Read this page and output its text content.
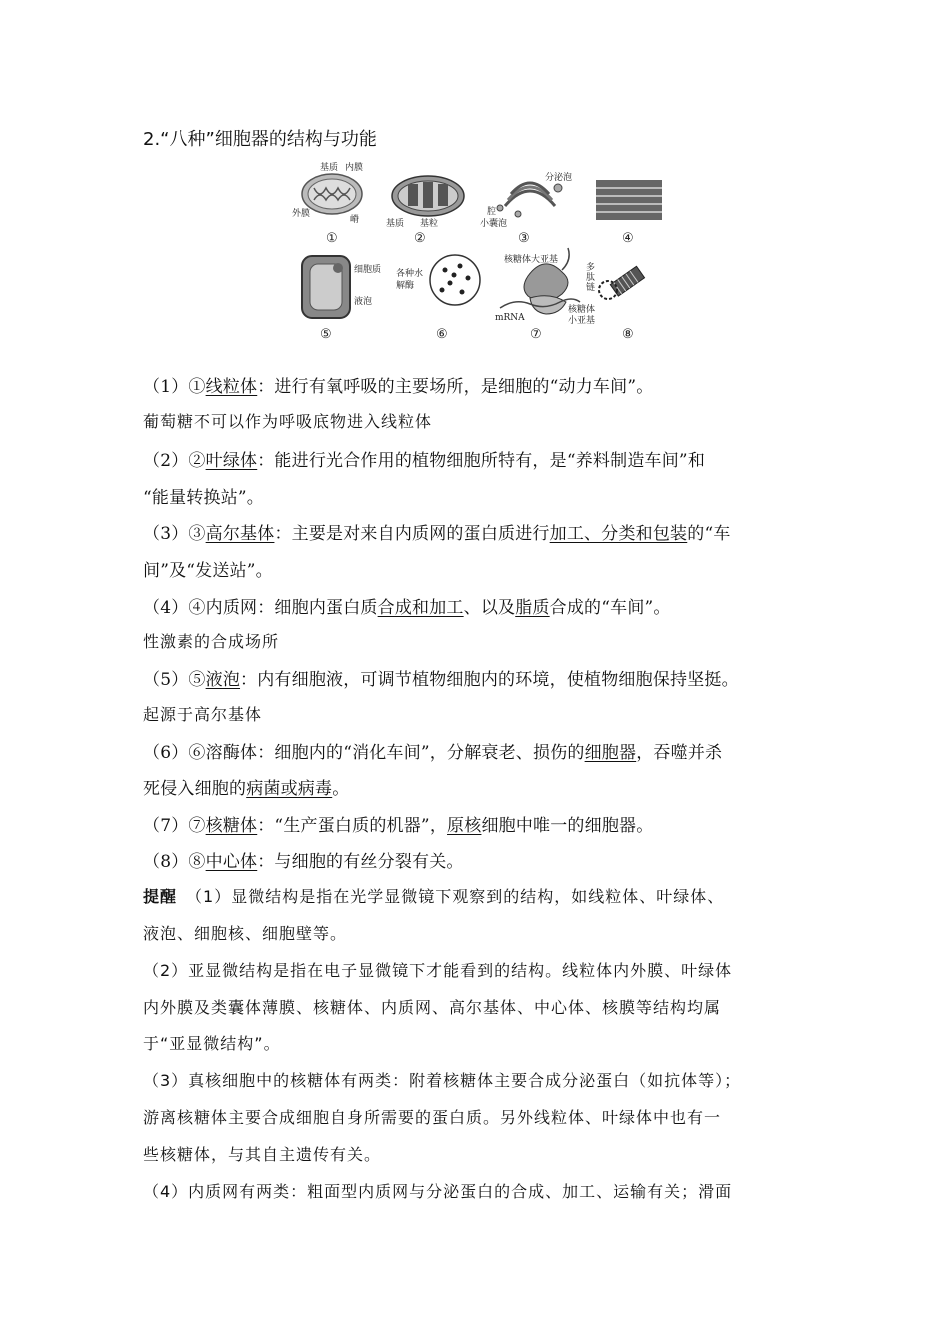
2.“八种”细胞器的结构与功能
基质 内膜
外膜
嵴
①
基质 基粒
②
分泌泡
腔
小囊泡
③	④
细胞质
液泡
⑤
各种水
解酶
⑥
核糖体大亚基
多
肽
链
mRNA
核糖体
小亚基
⑦	⑧
（1）①线粒体：进行有氧呼吸的主要场所，是细胞的“动力车间”。
葡萄糖不可以作为呼吸底物进入线粒体
（2）②叶绿体：能进行光合作用的植物细胞所特有，是“养料制造车间”和
“能量转换站”。
（3）③高尔基体：主要是对来自内质网的蛋白质进行加工、分类和包装的“车
间”及“发送站”。
（4）④内质网：细胞内蛋白质合成和加工、以及脂质合成的“车间”。
性激素的合成场所
（5）⑤液泡：内有细胞液，可调节植物细胞内的环境，使植物细胞保持坚挺。
起源于高尔基体
（6）⑥溶酶体：细胞内的“消化车间”，分解衰老、损伤的细胞器，吞噬并杀
死侵入细胞的病菌或病毒。
（7）⑦核糖体：“生产蛋白质的机器”，原核细胞中唯一的细胞器。
（8）⑧中心体：与细胞的有丝分裂有关。
提醒　（1）显微结构是指在光学显微镜下观察到的结构，如线粒体、叶绿体、
液泡、细胞核、细胞壁等。
（2）亚显微结构是指在电子显微镜下才能看到的结构。线粒体内外膜、叶绿体
内外膜及类囊体薄膜、核糖体、内质网、高尔基体、中心体、核膜等结构均属
于“亚显微结构”。
（3）真核细胞中的核糖体有两类：附着核糖体主要合成分泌蛋白（如抗体等）；
游离核糖体主要合成细胞自身所需要的蛋白质。另外线粒体、叶绿体中也有一
些核糖体，与其自主遗传有关。
（4）内质网有两类：粗面型内质网与分泌蛋白的合成、加工、运输有关；滑面
